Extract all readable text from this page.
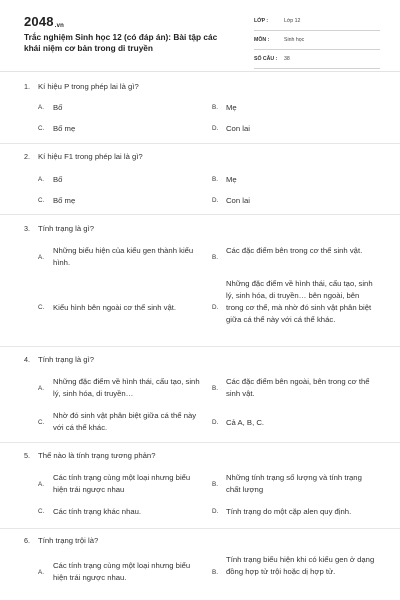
2048.vn
Trắc nghiệm Sinh học 12 (có đáp án): Bài tập các khái niệm cơ bản trong di truyền
LỚP :	Lớp 12
MÔN :	Sinh học
SỐ CÂU : 38
1. Kí hiệu P trong phép lai là gì?
A. Bố	B. Mẹ
C. Bố mẹ	D. Con lai
2. Kí hiệu F1 trong phép lai là gì?
A. Bố	B. Mẹ
C. Bố mẹ	D. Con lai
3. Tính trạng là gì?
A.
Những biểu hiện của kiểu gen thành kiểu hình.
B.
Các đặc điểm bên trong cơ thể sinh vật.
C. Kiểu hình bên ngoài cơ thể sinh vật.	D.
Những đặc điểm về hình thái, cấu tạo, sinh lý, sinh hóa, di truyền… bên ngoài, bên trong cơ thể, mà nhờ đó sinh vật phân biệt giữa cá thể này với cá thể khác.
4. Tính trạng là gì?
A.
Những đặc điểm về hình thái, cấu tạo, sinh lý, sinh hóa, di truyền…
B.
Các đặc điểm bên ngoài, bên trong cơ thể sinh vật.
C.
Nhờ đó sinh vật phân biệt giữa cá thể này với cá thể khác.
D. Cả A, B, C.
5. Thế nào là tính trạng tương phản?
A.
Các tính trạng cùng một loại nhưng biểu hiện trái ngược nhau
B.
Những tính trạng số lượng và tính trạng chất lượng
C. Các tính trạng khác nhau.	D. Tính trạng do một cặp alen quy định.
6. Tính trạng trội là?
A.
Các tính trạng cùng một loại nhưng biểu hiện trái ngược nhau.
B.
Tính trạng biểu hiện khi có kiểu gen ở dạng đồng hợp tử trội hoặc dị hợp tử.
